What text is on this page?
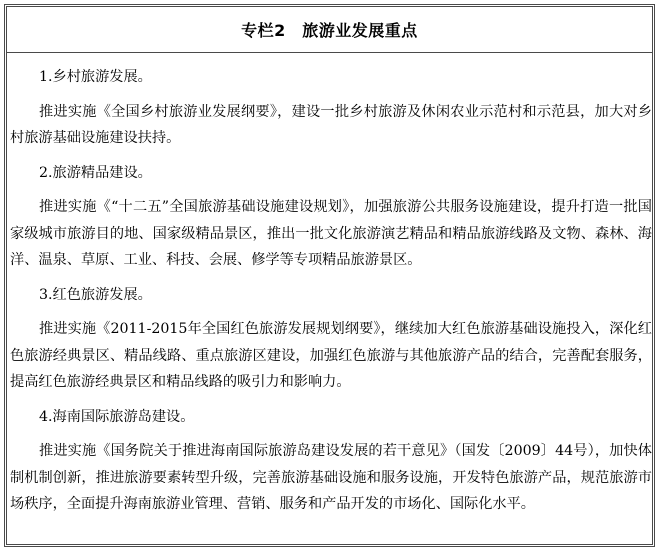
专栏2　旅游业发展重点

1.乡村旅游发展。

推进实施《全国乡村旅游业发展纲要》，建设一批乡村旅游及休闲农业示范村和示范县，加大对乡村旅游基础设施建设扶持。

2.旅游精品建设。

推进实施《“十二五”全国旅游基础设施建设规划》，加强旅游公共服务设施建设，提升打造一批国家级城市旅游目的地、国家级精品景区，推出一批文化旅游演艺精品和精品旅游线路及文物、森林、海洋、温泉、草原、工业、科技、会展、修学等专项精品旅游景区。

3.红色旅游发展。

推进实施《2011-2015年全国红色旅游发展规划纲要》，继续加大红色旅游基础设施投入，深化红色旅游经典景区、精品线路、重点旅游区建设，加强红色旅游与其他旅游产品的结合，完善配套服务，提高红色旅游经典景区和精品线路的吸引力和影响力。

4.海南国际旅游岛建设。

推进实施《国务院关于推进海南国际旅游岛建设发展的若干意见》（国发〔2009〕44号），加快体制机制创新，推进旅游要素转型升级，完善旅游基础设施和服务设施，开发特色旅游产品，规范旅游市场秩序，全面提升海南旅游业管理、营销、服务和产品开发的市场化、国际化水平。
